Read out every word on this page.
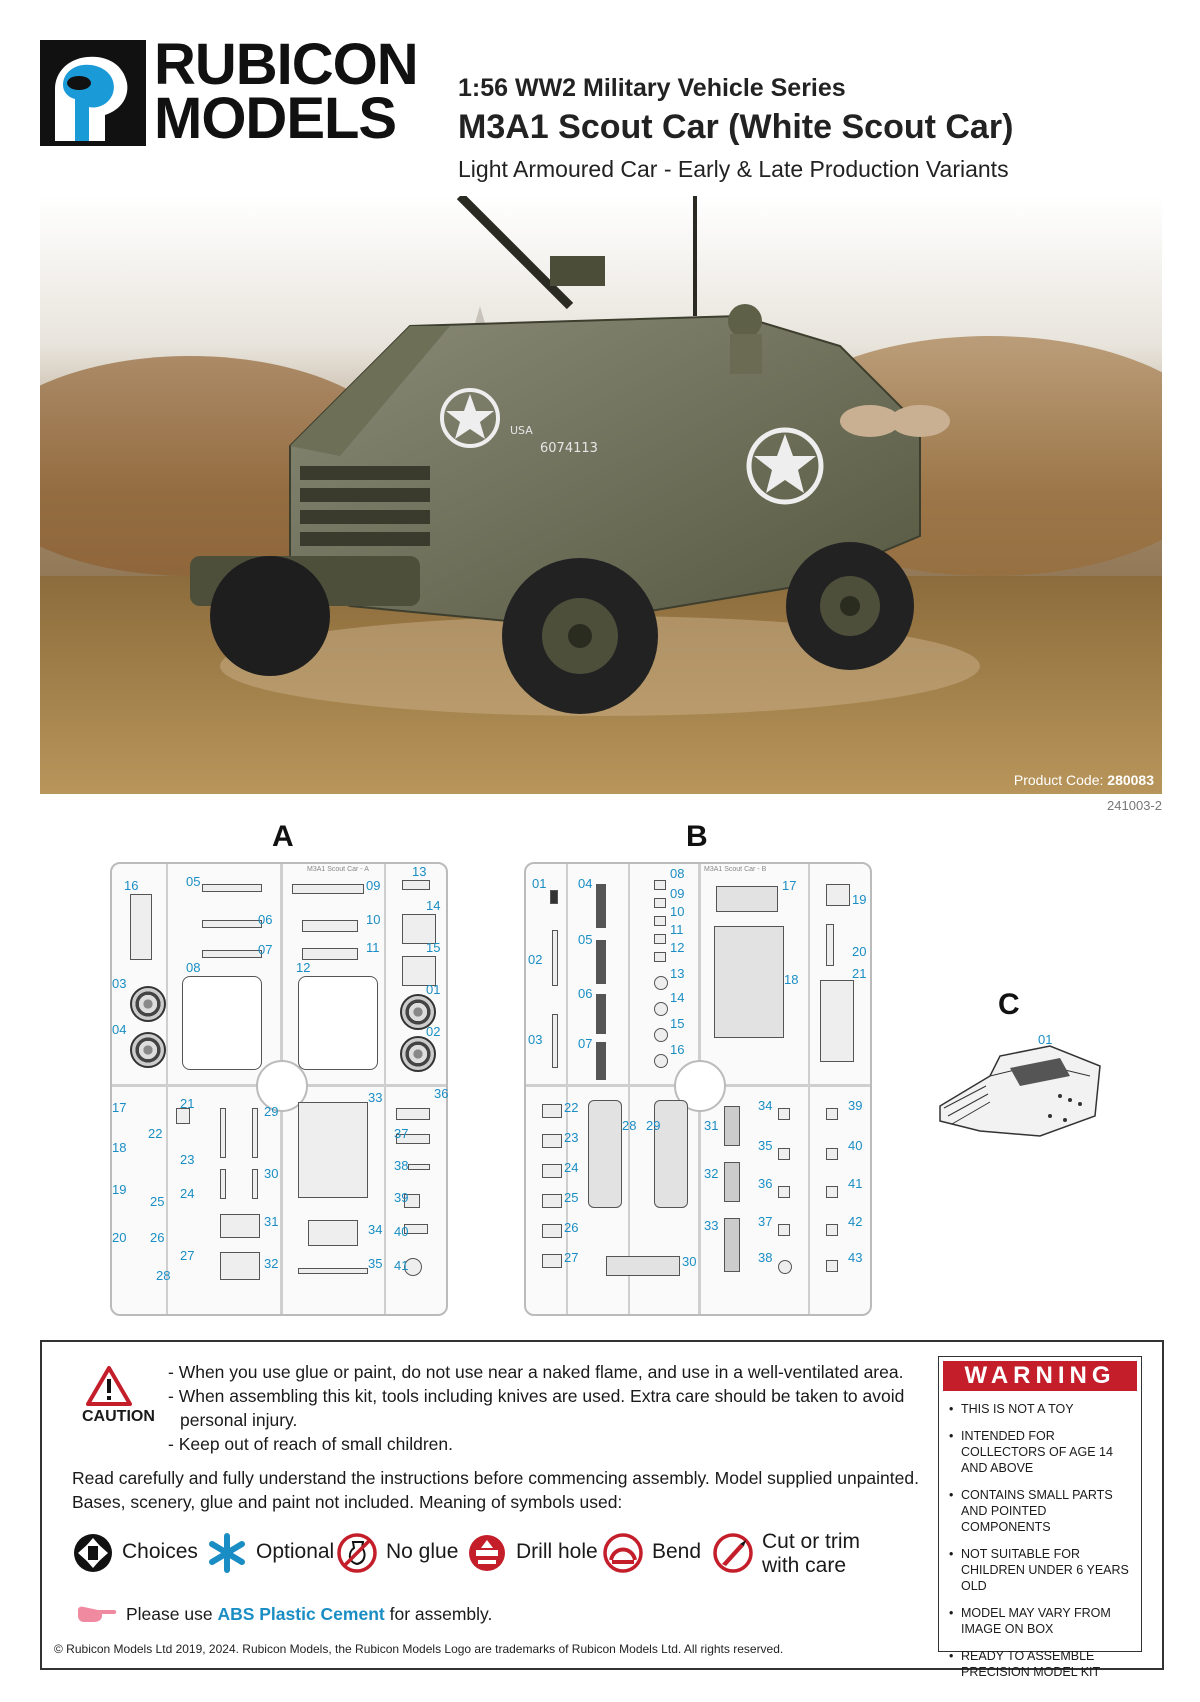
RUBICON
MODELS	1:56 WW2 Military Vehicle Series
M3A1 Scout Car (White Scout Car)
Light Armoured Car - Early & Late Production Variants
USA
6074113
Product Code: 280083
241003-2
A
M3A1 Scout Car - A
16	05
06
07
08
09
10
11
12
13
14
15
03
04
01
02
17
18
19
20
21
22
23
24
25
26
27
28
29
30
31
32
33
34
35
36
37
38
39
40
41
B
M3A1 Scout Car - B
01
02
03
04
05
06
07
08
09
10
11
12
13
14
15
16
17
18
19
20
21
22
23
24
25
26
27
28 29
30
31
32
33
34
35
36
37
38
39
40
41
42
43
C
01
CAUTION

- When you use glue or paint, do not use near a naked flame, and use in a well-ventilated area.

- When assembling this kit, tools including knives are used. Extra care should be taken to avoid personal injury.

- Keep out of reach of small children.

Read carefully and fully understand the instructions before commencing assembly. Model supplied unpainted.
Bases, scenery, glue and paint not included. Meaning of symbols used:
Choices	Optional No glue	Drill hole	Bend	Cut or trim
with care
Please use ABS Plastic Cement for assembly.
© Rubicon Models Ltd 2019, 2024. Rubicon Models, the Rubicon Models Logo are trademarks of Rubicon Models Ltd. All rights reserved.
WARNING
• THIS IS NOT A TOY
• INTENDED FOR COLLECTORS OF AGE 14 AND ABOVE
• CONTAINS SMALL PARTS AND POINTED COMPONENTS
• NOT SUITABLE FOR CHILDREN UNDER 6 YEARS OLD
• MODEL MAY VARY FROM IMAGE ON BOX
• READY TO ASSEMBLE PRECISION MODEL KIT
